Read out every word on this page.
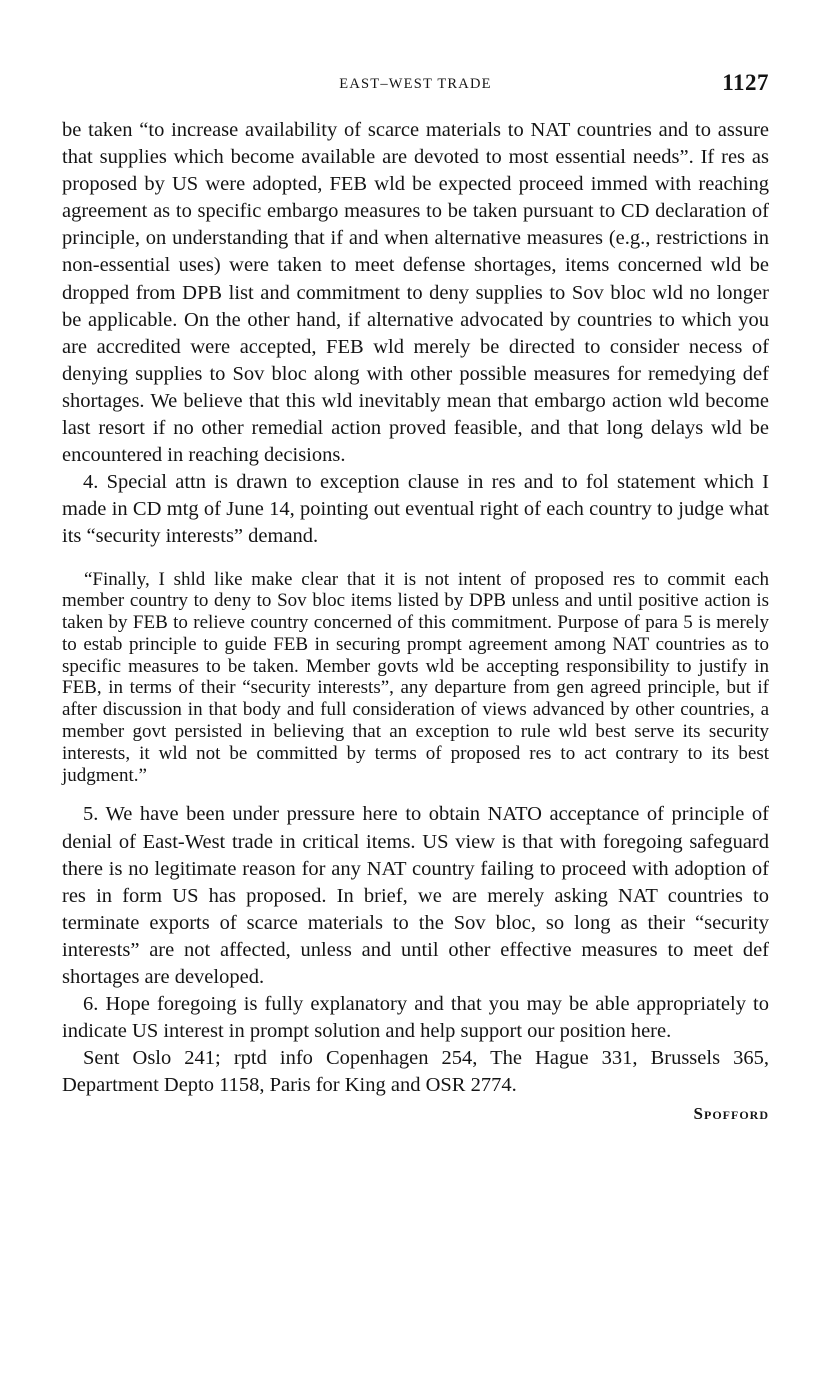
EAST–WEST TRADE	1127

be taken “to increase availability of scarce materials to NAT countries and to assure that supplies which become available are devoted to most essential needs”. If res as proposed by US were adopted, FEB wld be expected proceed immed with reaching agreement as to specific embargo measures to be taken pursuant to CD declaration of principle, on understanding that if and when alternative measures (e.g., restrictions in non-essential uses) were taken to meet defense shortages, items concerned wld be dropped from DPB list and commitment to deny supplies to Sov bloc wld no longer be applicable. On the other hand, if alternative advocated by countries to which you are accredited were accepted, FEB wld merely be directed to consider necess of denying supplies to Sov bloc along with other possible measures for remedying def shortages. We believe that this wld inevitably mean that embargo action wld become last resort if no other remedial action proved feasible, and that long delays wld be encountered in reaching decisions.

4. Special attn is drawn to exception clause in res and to fol statement which I made in CD mtg of June 14, pointing out eventual right of each country to judge what its “security interests” demand.

“Finally, I shld like make clear that it is not intent of proposed res to commit each member country to deny to Sov bloc items listed by DPB unless and until positive action is taken by FEB to relieve country concerned of this commitment. Purpose of para 5 is merely to estab principle to guide FEB in securing prompt agreement among NAT countries as to specific measures to be taken. Member govts wld be accepting responsibility to justify in FEB, in terms of their “security interests”, any departure from gen agreed principle, but if after discussion in that body and full consideration of views advanced by other countries, a member govt persisted in believing that an exception to rule wld best serve its security interests, it wld not be committed by terms of proposed res to act contrary to its best judgment.”

5. We have been under pressure here to obtain NATO acceptance of principle of denial of East-West trade in critical items. US view is that with foregoing safeguard there is no legitimate reason for any NAT country failing to proceed with adoption of res in form US has proposed. In brief, we are merely asking NAT countries to terminate exports of scarce materials to the Sov bloc, so long as their “security interests” are not affected, unless and until other effective measures to meet def shortages are developed.

6. Hope foregoing is fully explanatory and that you may be able appropriately to indicate US interest in prompt solution and help support our position here.

Sent Oslo 241; rptd info Copenhagen 254, The Hague 331, Brussels 365, Department Depto 1158, Paris for King and OSR 2774.

Spofford
